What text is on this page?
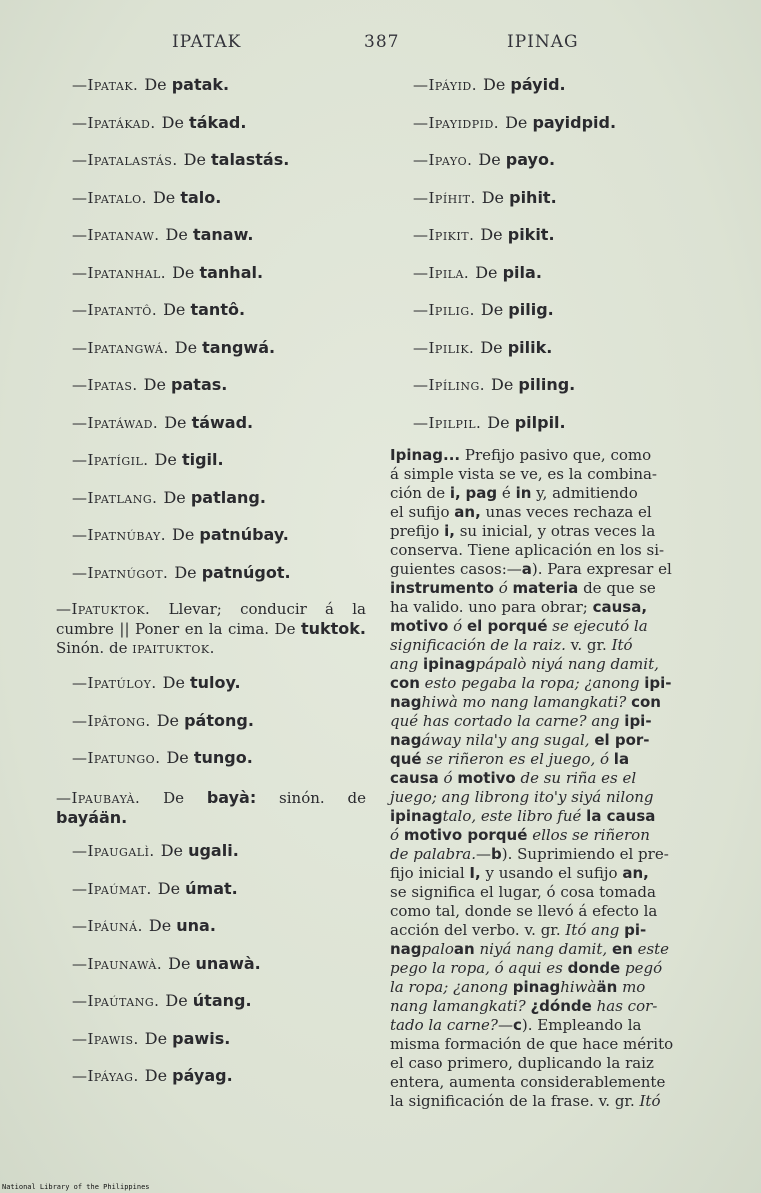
IPATAK	387	IPINAG
—Ipatak. De patak.
—Ipatákad. De tákad.
—Ipatalastás. De talastás.
—Ipatalo. De talo.
—Ipatanaw. De tanaw.
—Ipatanhal. De tanhal.
—Ipatantô. De tantô.
—Ipatangwá. De tangwá.
—Ipatas. De patas.
—Ipatáwad. De táwad.
—Ipatígil. De tigil.
—Ipatlang. De patlang.
—Ipatnúbay. De patnúbay.
—Ipatnúgot. De patnúgot.
—Ipatuktok. Llevar; conducir á la cumbre || Poner en la cima. De tuktok. Sinón. de ipaituktok.
—Ipatúloy. De tuloy.
—Ipâtong. De pátong.
—Ipatungo. De tungo.
—Ipaubayà. De bayà: sinón. de bayáän.
—Ipaugalì. De ugali.
—Ipaúmat. De úmat.
—Ipáuná. De una.
—Ipaunawà. De unawà.
—Ipaútang. De útang.
—Ipawis. De pawis.
—Ipáyag. De páyag.
—Ipáyid. De páyid.
—Ipayidpid. De payidpid.
—Ipayo. De payo.
—Ipíhit. De pihit.
—Ipikit. De pikit.
—Ipila. De pila.
—Ipilig. De pilig.
—Ipilik. De pilik.
—Ipíling. De piling.
—Ipilpil. De pilpil.
Ipinag... Prefijo pasivo que, como
á simple vista se ve, es la combina-
ción de i, pag é in y, admitiendo
el sufijo an, unas veces rechaza el
prefijo i, su inicial, y otras veces la
conserva. Tiene aplicación en los si-
guientes casos:—a). Para expresar el
instrumento ó materia de que se
ha valido. uno para obrar; causa,
motivo ó el porqué se ejecutó la
significación de la raiz. v. gr. Itó
ang ipinagpápalò niyá nang damit,
con esto pegaba la ropa; ¿anong ipi-
naghiwà mo nang lamangkati? con
qué has cortado la carne? ang ipi-
nagáway nila'y ang sugal, el por-
qué se riñeron es el juego, ó la
causa ó motivo de su riña es el
juego; ang librong ito'y siyá nilong
ipinagtalo, este libro fué la causa
ó motivo porqué ellos se riñeron
de palabra.—b). Suprimiendo el pre-
fijo inicial I, y usando el sufijo an,
se significa el lugar, ó cosa tomada
como tal, donde se llevó á efecto la
acción del verbo. v. gr. Itó ang pi-
nagpaloan niyá nang damit, en este
pego la ropa, ó aqui es donde pegó
la ropa; ¿anong pinaghiwàän mo
nang lamangkati? ¿dónde has cor-
tado la carne?—c). Empleando la
misma formación de que hace mérito
el caso primero, duplicando la raiz
entera, aumenta considerablemente
la significación de la frase. v. gr. Itó
National Library of the Philippines
